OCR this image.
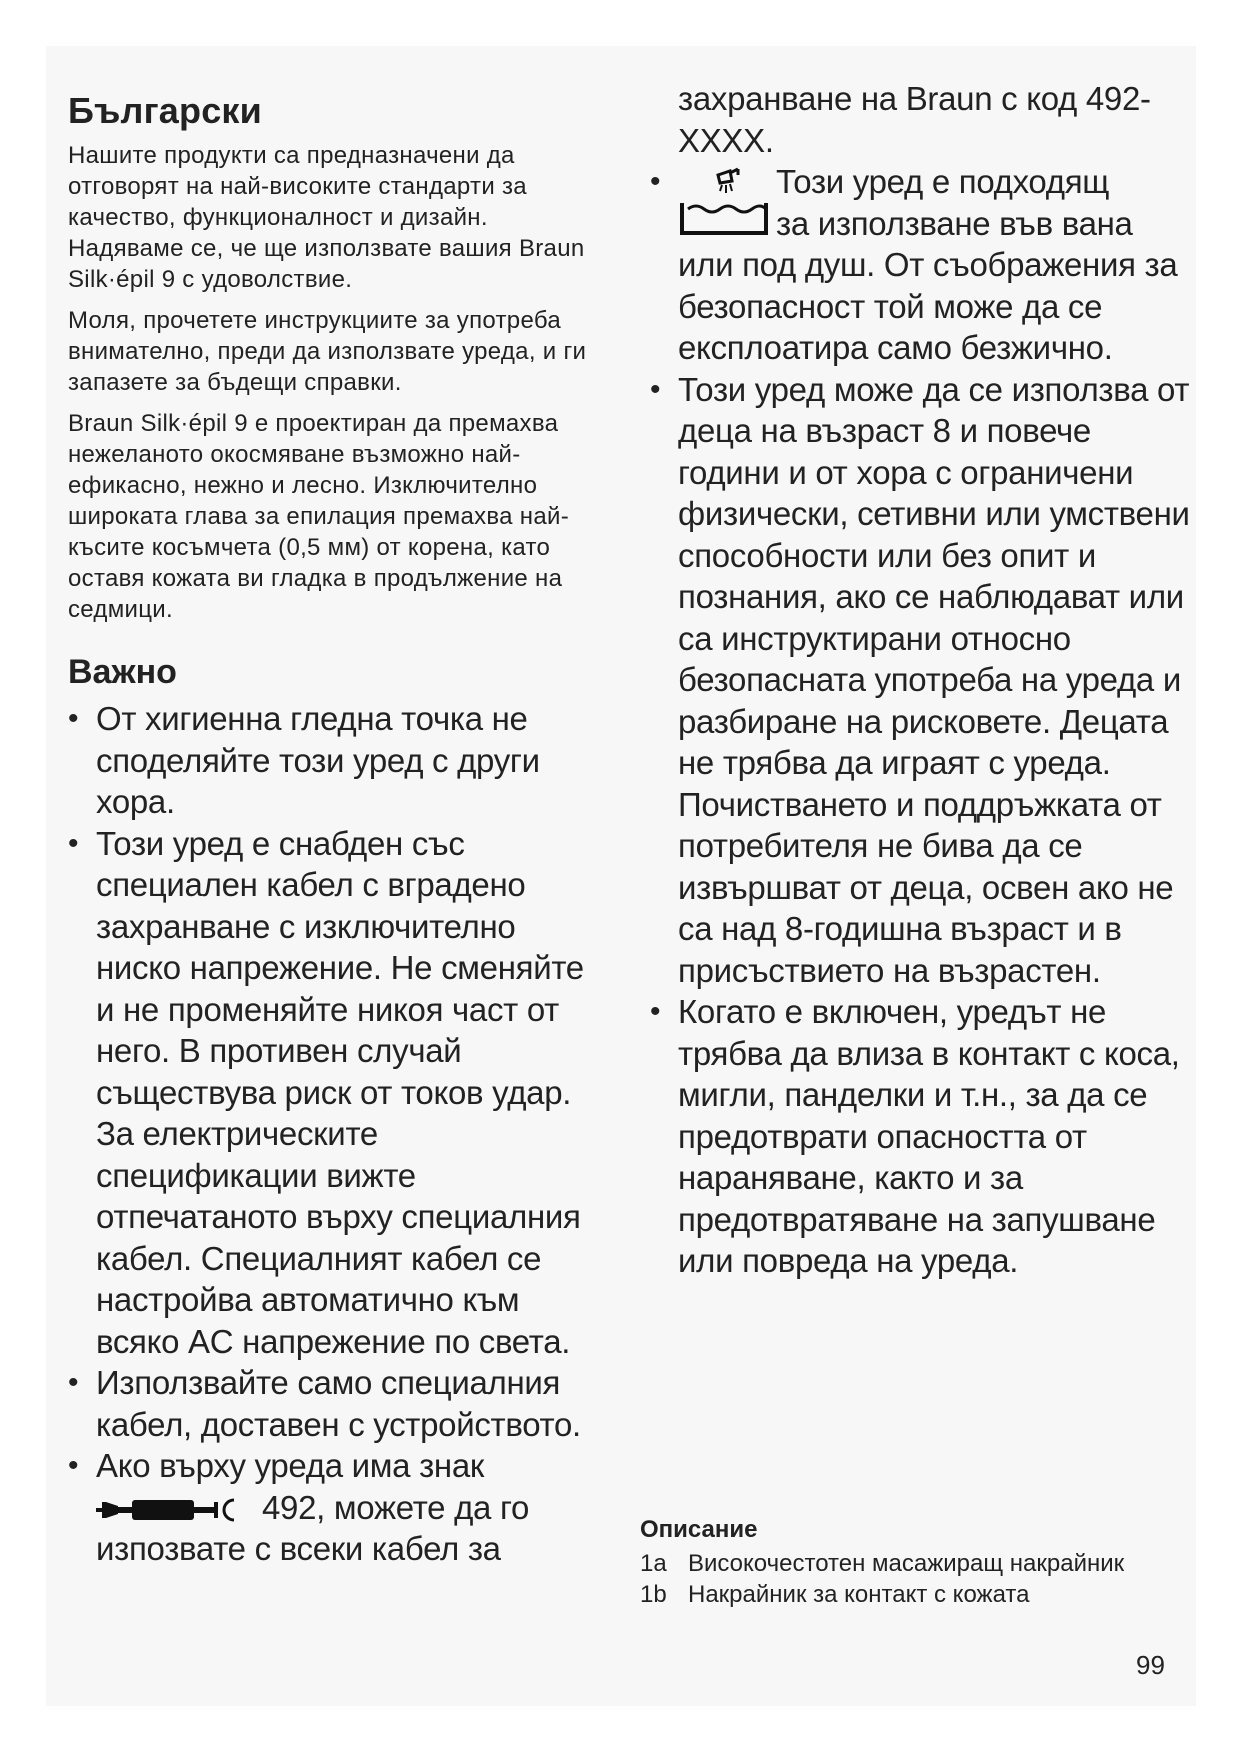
Български

Нашите продукти са предназначени да отговорят на най-високите стандарти за качество, функционалност и дизайн. Надяваме се, че ще използвате вашия Braun Silk·épil 9 с удоволствие.

Моля, прочетете инструкциите за употреба внимателно, преди да използвате уреда, и ги запазете за бъдещи справки.

Braun Silk·épil 9 е проектиран да премахва нежеланото окосмяване възможно най-ефикасно, нежно и лесно. Изключително широката глава за епилация премахва най-късите косъмчета (0,5 мм) от корена, като оставя кожата ви гладка в продължение на седмици.

Важно
• От хигиенна гледна точка не споделяйте този уред с други хора.
• Този уред е снабден със специален кабел с вградено захранване с изключително ниско напрежение. Не сменяйте и не променяйте никоя част от него. В противен случай съществува риск от токов удар. За електрическите спецификации вижте отпечатаното върху специалния кабел. Специалният кабел се настройва автоматично към всяко AC напрежение по света.
• Използвайте само специалния кабел, доставен с устройството.
• Ако върху уреда има знак
492, можете да го
изпозвате с всеки кабел за
захранване на Braun с код 492-XXXX.
•	Този уред е подходящ
за използване във вана
или под душ. От съображения за безопасност той може да се експлоатира само безжично.
• Този уред може да се използва от деца на възраст 8 и повече години и от хора с ограничени физически, сетивни или умствени способности или без опит и познания, ако се наблюдават или са инструктирани относно безопасната употреба на уреда и разбиране на рисковете. Децата не трябва да играят с уреда. Почистването и поддръжката от потребителя не бива да се извършват от деца, освен ако не са над 8-годишна възраст и в присъствието на възрастен.
• Когато е включен, уредът не трябва да влиза в контакт с коса, мигли, панделки и т.н., за да се предотврати опасността от нараняване, както и за предотвратяване на запушване или повреда на уреда.
Описание
1a Високочестотен масажиращ накрайник
1b Накрайник за контакт с кожата
99
